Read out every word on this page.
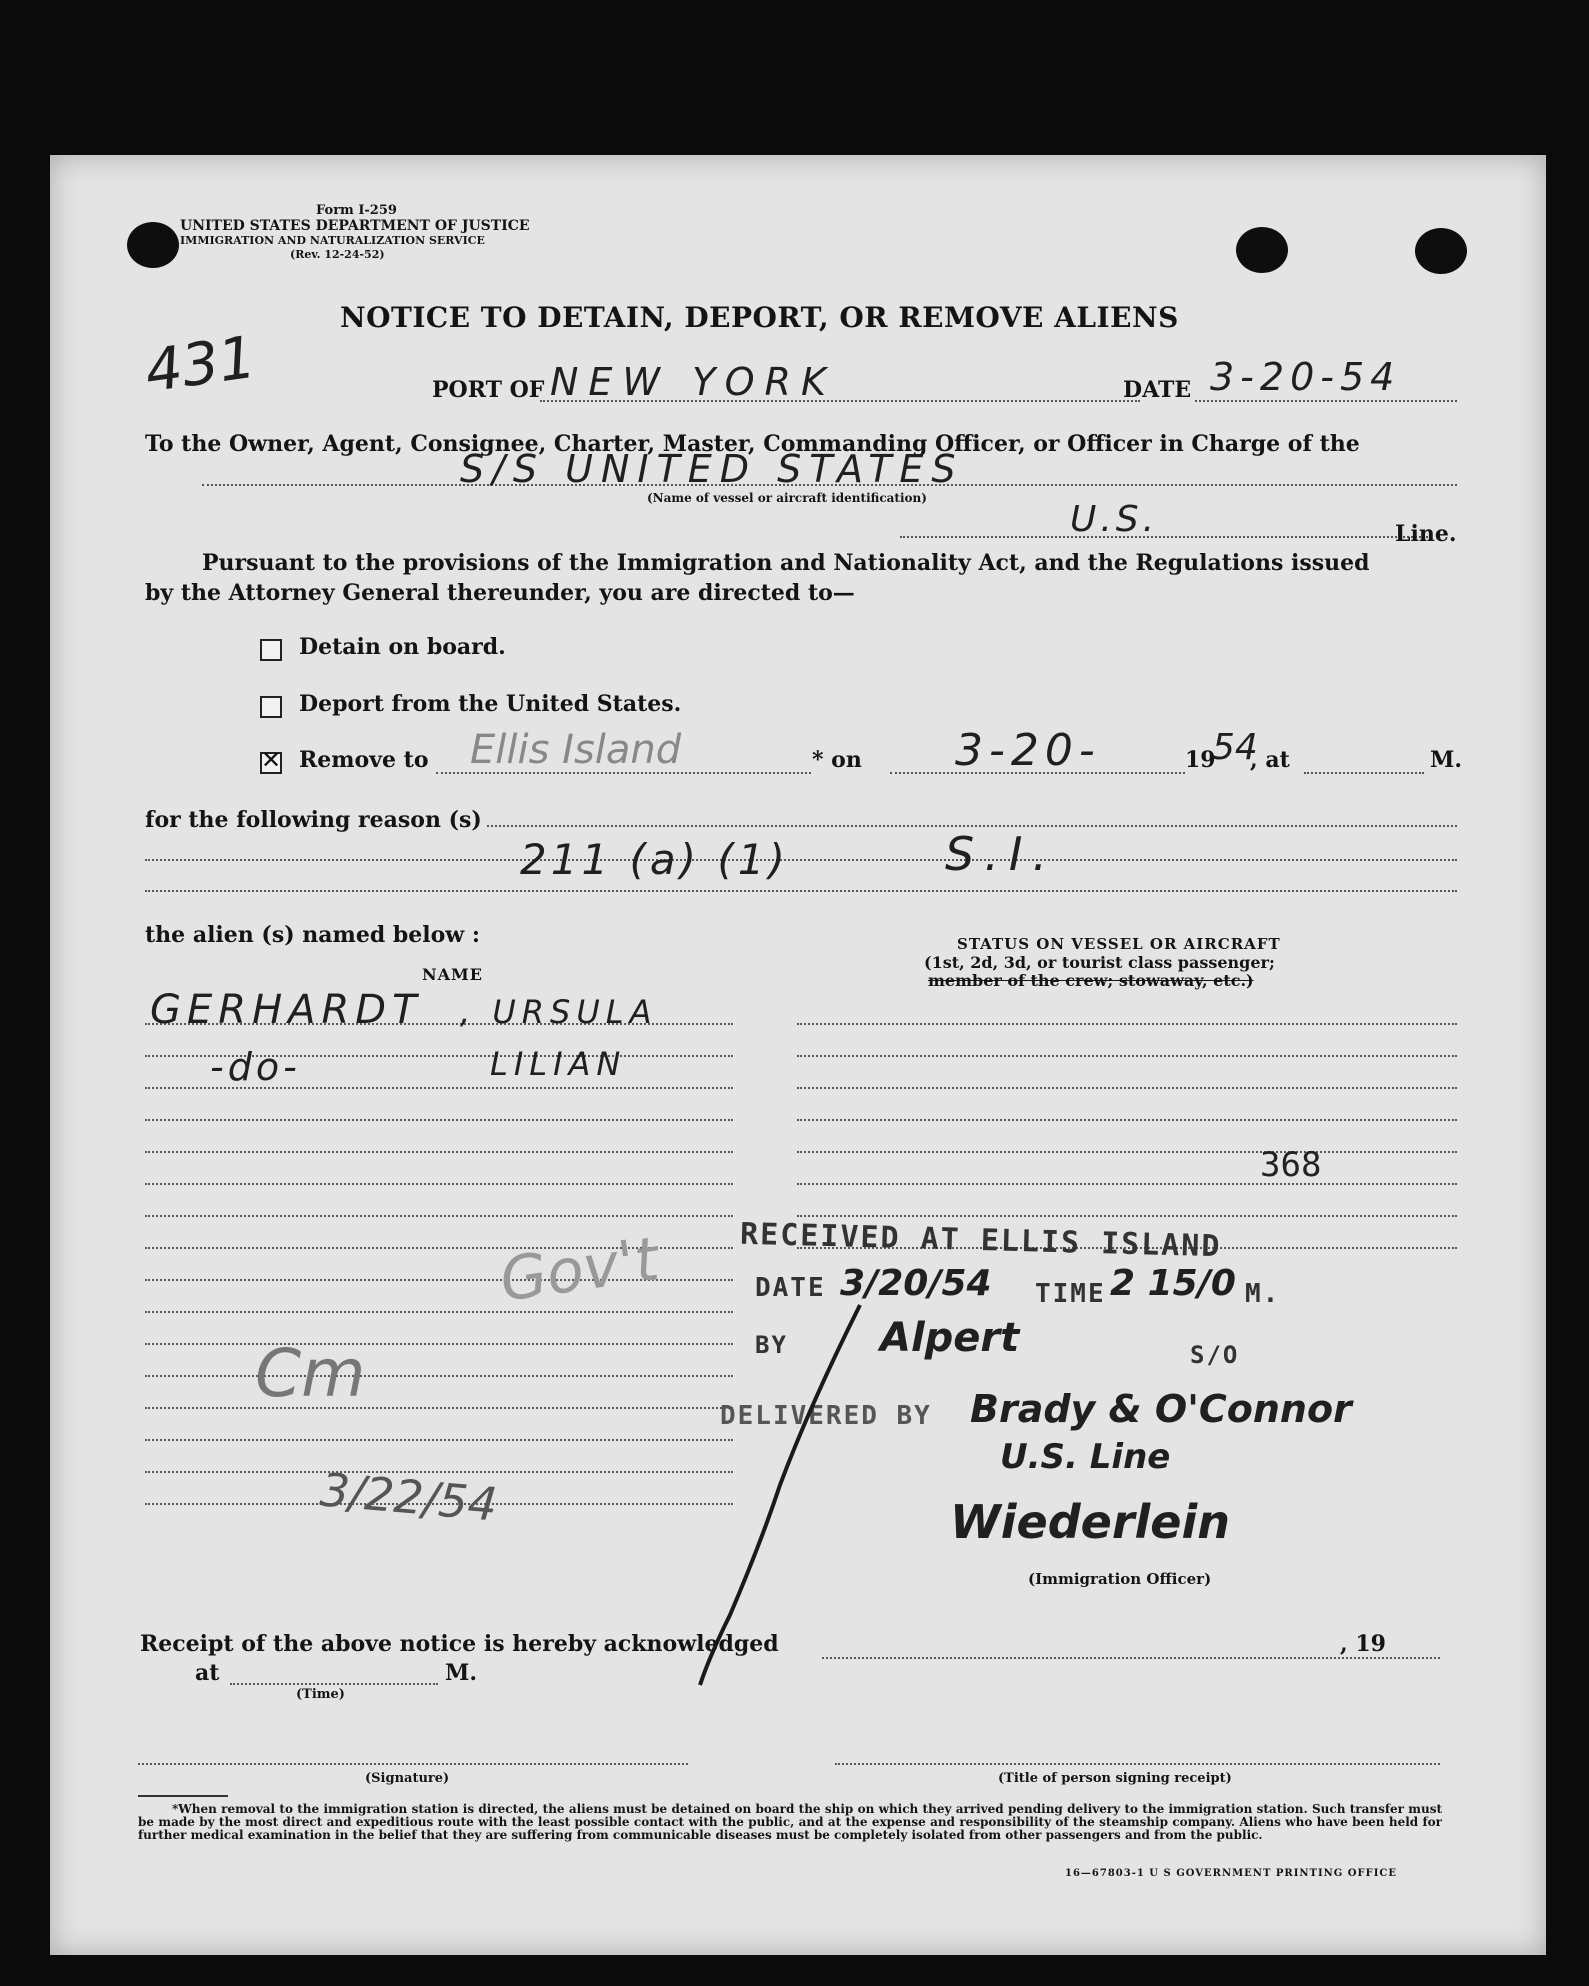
Form I-259
UNITED STATES DEPARTMENT OF JUSTICE
IMMIGRATION AND NATURALIZATION SERVICE
(Rev. 12-24-52)
NOTICE TO DETAIN, DEPORT, OR REMOVE ALIENS
431	PORT OF NEW YORK	DATE 3-20-54
To the Owner, Agent, Consignee, Charter, Master, Commanding Officer, or Officer in Charge of the
S/S UNITED STATES
(Name of vessel or aircraft identification)
U.S.	Line.
Pursuant to the provisions of the Immigration and Nationality Act, and the Regulations issued
by the Attorney General thereunder, you are directed to—
Detain on board.
Deport from the United States.
✕ Remove to Ellis Island	* on 3-20-	19
54
, at	M.
for the following reason (s)
211 (a) (1)	S.I.
the alien (s) named below :
NAME
STATUS ON VESSEL OR AIRCRAFT
(1st, 2d, 3d, or tourist class passenger;
member of the crew; stowaway, etc.)
GERHARDT , URSULA
-do-	LILIAN
368
RECEIVED AT ELLIS ISLAND
DATE 3/20/54 TIME 2 15/0 M.
BY Alpert	S/O
DELIVERED BY Brady & O'Connor
U.S. Line
Gov't
Cm
3/22/54	Wiederlein
(Immigration Officer)
Receipt of the above notice is hereby acknowledged	, 19
at	M.
(Time)
(Signature)	(Title of person signing receipt)
*When removal to the immigration station is directed, the aliens must be detained on board the ship on which they arrived pending delivery to the immigration station. Such transfer must be made by the most direct and expeditious route with the least possible contact with the public, and at the expense and responsibility of the steamship company. Aliens who have been held for further medical examination in the belief that they are suffering from communicable diseases must be completely isolated from other passengers and from the public.
16—67803-1 U S GOVERNMENT PRINTING OFFICE
